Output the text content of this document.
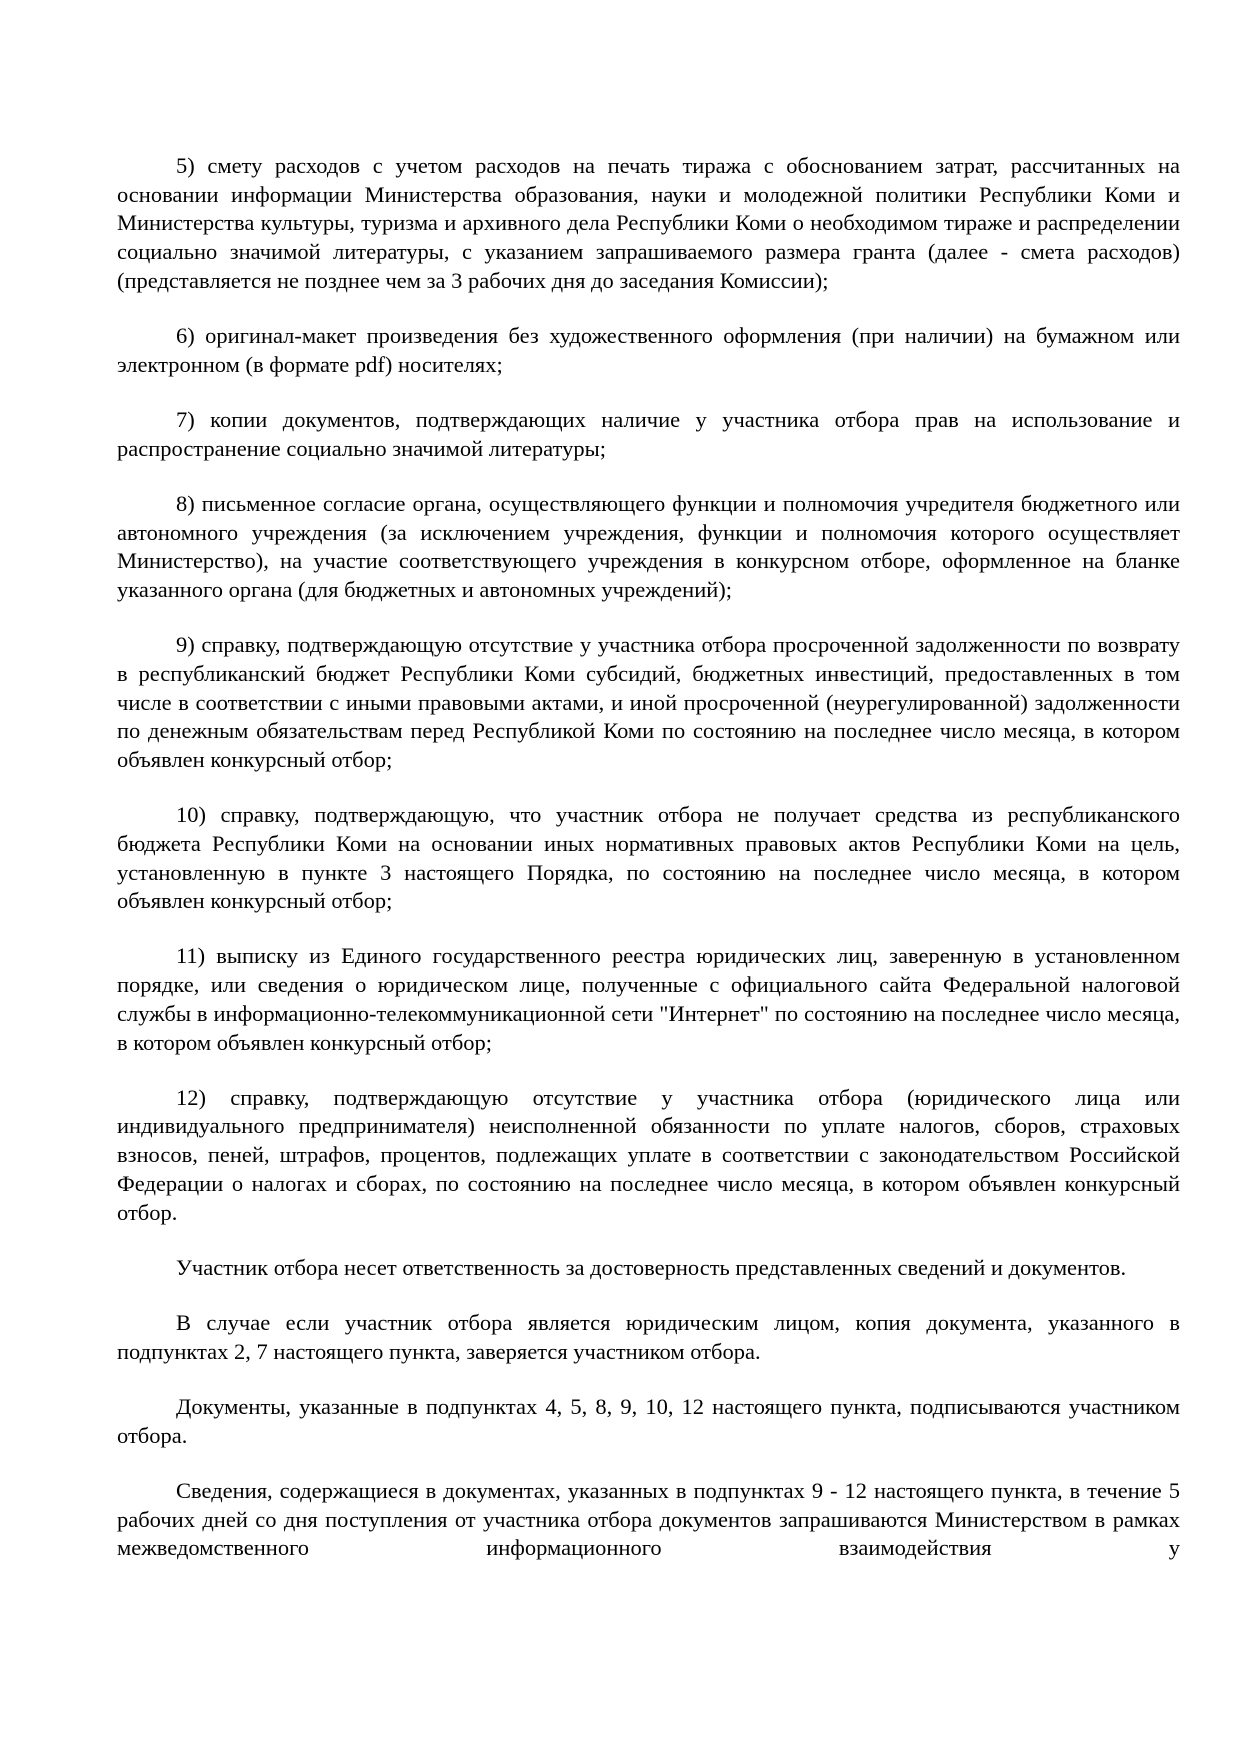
5) смету расходов с учетом расходов на печать тиража с обоснованием затрат, рассчитанных на основании информации Министерства образования, науки и молодежной политики Республики Коми и Министерства культуры, туризма и архивного дела Республики Коми о необходимом тираже и распределении социально значимой литературы, с указанием запрашиваемого размера гранта (далее - смета расходов) (представляется не позднее чем за 3 рабочих дня до заседания Комиссии);

6) оригинал-макет произведения без художественного оформления (при наличии) на бумажном или электронном (в формате pdf) носителях;

7) копии документов, подтверждающих наличие у участника отбора прав на использование и распространение социально значимой литературы;

8) письменное согласие органа, осуществляющего функции и полномочия учредителя бюджетного или автономного учреждения (за исключением учреждения, функции и полномочия которого осуществляет Министерство), на участие соответствующего учреждения в конкурсном отборе, оформленное на бланке указанного органа (для бюджетных и автономных учреждений);

9) справку, подтверждающую отсутствие у участника отбора просроченной задолженности по возврату в республиканский бюджет Республики Коми субсидий, бюджетных инвестиций, предоставленных в том числе в соответствии с иными правовыми актами, и иной просроченной (неурегулированной) задолженности по денежным обязательствам перед Республикой Коми по состоянию на последнее число месяца, в котором объявлен конкурсный отбор;

10) справку, подтверждающую, что участник отбора не получает средства из республиканского бюджета Республики Коми на основании иных нормативных правовых актов Республики Коми на цель, установленную в пункте 3 настоящего Порядка, по состоянию на последнее число месяца, в котором объявлен конкурсный отбор;

11) выписку из Единого государственного реестра юридических лиц, заверенную в установленном порядке, или сведения о юридическом лице, полученные с официального сайта Федеральной налоговой службы в информационно-телекоммуникационной сети "Интернет" по состоянию на последнее число месяца, в котором объявлен конкурсный отбор;

12) справку, подтверждающую отсутствие у участника отбора (юридического лица или индивидуального предпринимателя) неисполненной обязанности по уплате налогов, сборов, страховых взносов, пеней, штрафов, процентов, подлежащих уплате в соответствии с законодательством Российской Федерации о налогах и сборах, по состоянию на последнее число месяца, в котором объявлен конкурсный отбор.

Участник отбора несет ответственность за достоверность представленных сведений и документов.

В случае если участник отбора является юридическим лицом, копия документа, указанного в подпунктах 2, 7 настоящего пункта, заверяется участником отбора.

Документы, указанные в подпунктах 4, 5, 8, 9, 10, 12 настоящего пункта, подписываются участником отбора.

Сведения, содержащиеся в документах, указанных в подпунктах 9 - 12 настоящего пункта, в течение 5 рабочих дней со дня поступления от участника отбора документов запрашиваются Министерством в рамках межведомственного информационного взаимодействия у
